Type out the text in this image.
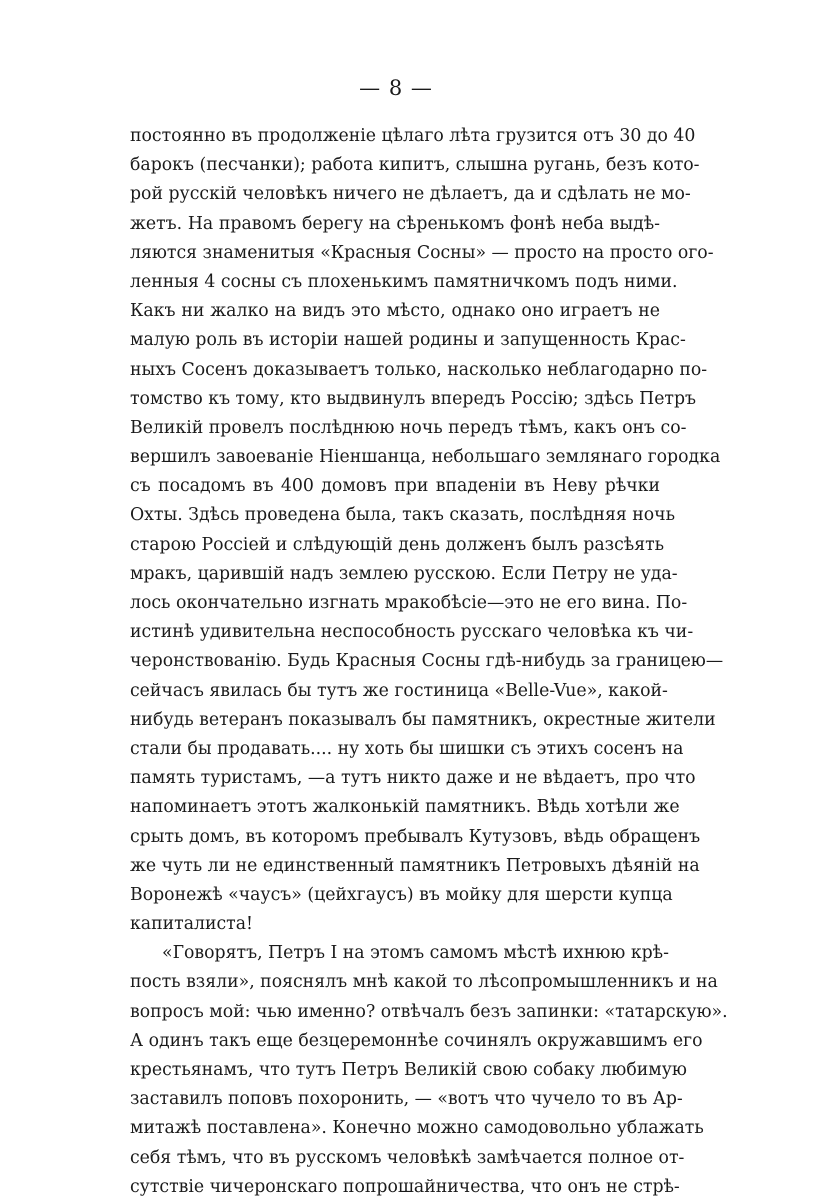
— 8 —
постоянно въ продолженіе цѣлаго лѣта грузится отъ 30 до 40
барокъ (песчанки); работа кипитъ, слышна ругань, безъ кото-
рой русскій человѣкъ ничего не дѣлаетъ, да и сдѣлать не мо-
жетъ. На правомъ берегу на сѣренькомъ фонѣ неба выдѣ-
ляются знаменитыя «Красныя Сосны» — просто на просто ого-
ленныя 4 сосны съ плохенькимъ памятничкомъ подъ ними.
Какъ ни жалко на видъ это мѣсто, однако оно играетъ не
малую роль въ исторіи нашей родины и запущенность Крас-
ныхъ Сосенъ доказываетъ только, насколько неблагодарно по-
томство къ тому, кто выдвинулъ впередъ Россію; здѣсь Петръ
Великій провелъ послѣднюю ночь передъ тѣмъ, какъ онъ со-
вершилъ завоеваніе Ніеншанца, небольшаго землянаго городка
съ посадомъ въ 400 домовъ при впаденіи въ Неву рѣчки
Охты. Здѣсь проведена была, такъ сказать, послѣдняя ночь
старою Россіей и слѣдующій день долженъ былъ разсѣять
мракъ, царившій надъ землею русскою. Если Петру не уда-
лось окончательно изгнать мракобѣсіе—это не его вина. По-
истинѣ удивительна неспособность русскаго человѣка къ чи-
черонствованію. Будь Красныя Сосны гдѣ-нибудь за границею—
сейчасъ явилась бы тутъ же гостиница «Belle-Vue», какой-
нибудь ветеранъ показывалъ бы памятникъ, окрестные жители
стали бы продавать.... ну хоть бы шишки съ этихъ сосенъ на
память туристамъ, —а тутъ никто даже и не вѣдаетъ, про что
напоминаетъ этотъ жалконькій памятникъ. Вѣдь хотѣли же
срыть домъ, въ которомъ пребывалъ Кутузовъ, вѣдь обращенъ
же чуть ли не единственный памятникъ Петровыхъ дѣяній на
Воронежѣ «чаусъ» (цейхгаусъ) въ мойку для шерсти купца
капиталиста!
«Говорятъ, Петръ I на этомъ самомъ мѣстѣ ихнюю крѣ-
пость взяли», пояснялъ мнѣ какой то лѣсопромышленникъ и на
вопросъ мой: чью именно? отвѣчалъ безъ запинки: «татарскую».
А одинъ такъ еще безцеремоннѣе сочинялъ окружавшимъ его
крестьянамъ, что тутъ Петръ Великій свою собаку любимую
заставилъ поповъ похоронить, — «вотъ что чучело то въ Ар-
митажѣ поставлена». Конечно можно самодовольно ублажать
себя тѣмъ, что въ русскомъ человѣкѣ замѣчается полное от-
сутствіе чичеронскаго попрошайничества, что онъ не стрѣ-
